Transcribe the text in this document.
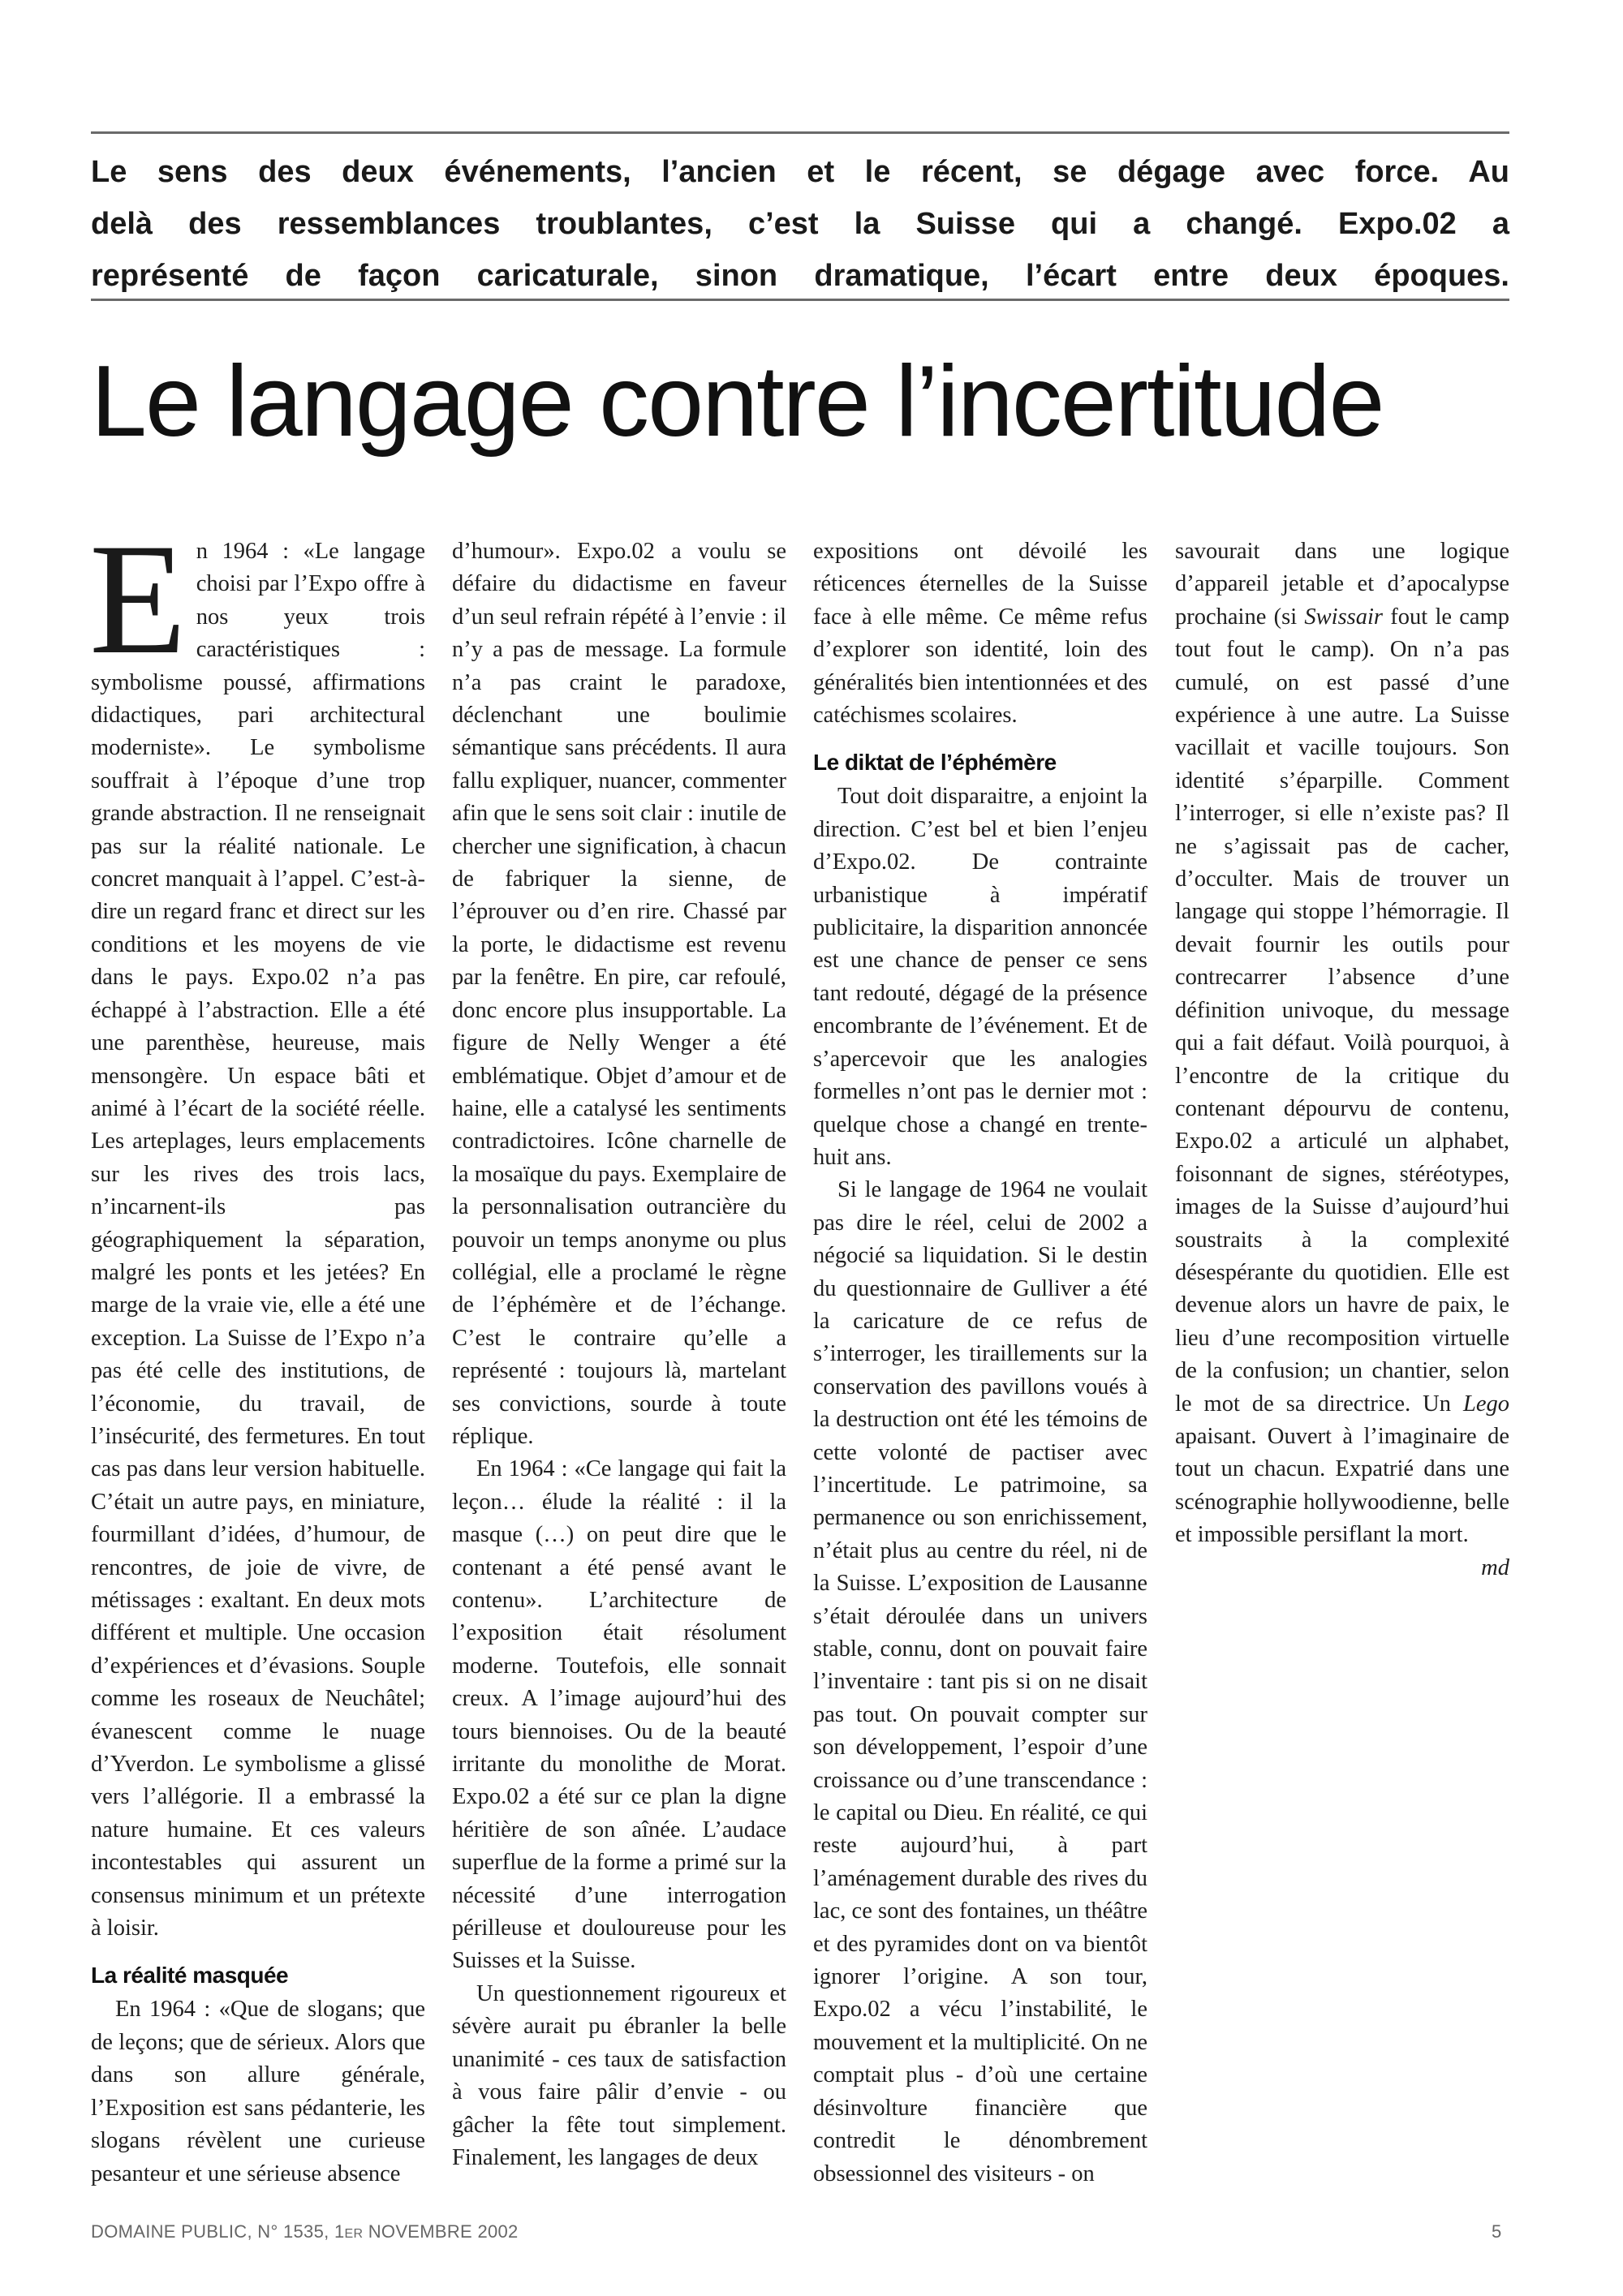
Le sens des deux événements, l’ancien et le récent, se dégage avec force. Au
delà des ressemblances troublantes, c’est la Suisse qui a changé. Expo.02 a
représenté de façon caricaturale, sinon dramatique, l’écart entre deux époques.
Le langage contre l’incertitude

En 1964 : «Le langage choisi par l’Expo offre à nos yeux trois caractéristiques : symbolisme poussé, affirmations didactiques, pari architectural moderniste». Le symbolisme souffrait à l’époque d’une trop grande abstraction. Il ne renseignait pas sur la réalité nationale. Le concret manquait à l’appel. C’est-à-dire un regard franc et direct sur les conditions et les moyens de vie dans le pays. Expo.02 n’a pas échappé à l’abstraction. Elle a été une parenthèse, heureuse, mais mensongère. Un espace bâti et animé à l’écart de la société réelle. Les arteplages, leurs emplacements sur les rives des trois lacs, n’incarnent-ils pas géographiquement la séparation, malgré les ponts et les jetées? En marge de la vraie vie, elle a été une exception. La Suisse de l’Expo n’a pas été celle des institutions, de l’économie, du travail, de l’insécurité, des fermetures. En tout cas pas dans leur version habituelle. C’était un autre pays, en miniature, fourmillant d’idées, d’humour, de rencontres, de joie de vivre, de métissages : exaltant. En deux mots différent et multiple. Une occasion d’expériences et d’évasions. Souple comme les roseaux de Neuchâtel; évanescent comme le nuage d’Yverdon. Le symbolisme a glissé vers l’allégorie. Il a embrassé la nature humaine. Et ces valeurs incontestables qui assurent un consensus minimum et un prétexte à loisir.

La réalité masquée

En 1964 : «Que de slogans; que de leçons; que de sérieux. Alors que dans son allure générale, l’Exposition est sans pédanterie, les slogans révèlent une curieuse pesanteur et une sérieuse absence

d’humour». Expo.02 a voulu se défaire du didactisme en faveur d’un seul refrain répété à l’envie : il n’y a pas de message. La formule n’a pas craint le paradoxe, déclenchant une boulimie sémantique sans précédents. Il aura fallu expliquer, nuancer, commenter afin que le sens soit clair : inutile de chercher une signification, à chacun de fabriquer la sienne, de l’éprouver ou d’en rire. Chassé par la porte, le didactisme est revenu par la fenêtre. En pire, car refoulé, donc encore plus insupportable. La figure de Nelly Wenger a été emblématique. Objet d’amour et de haine, elle a catalysé les sentiments contradictoires. Icône charnelle de la mosaïque du pays. Exemplaire de la personnalisation outrancière du pouvoir un temps anonyme ou plus collégial, elle a proclamé le règne de l’éphémère et de l’échange. C’est le contraire qu’elle a représenté : toujours là, martelant ses convictions, sourde à toute réplique.

En 1964 : «Ce langage qui fait la leçon… élude la réalité : il la masque (…) on peut dire que le contenant a été pensé avant le contenu». L’architecture de l’exposition était résolument moderne. Toutefois, elle sonnait creux. A l’image aujourd’hui des tours biennoises. Ou de la beauté irritante du monolithe de Morat. Expo.02 a été sur ce plan la digne héritière de son aînée. L’audace superflue de la forme a primé sur la nécessité d’une interrogation périlleuse et douloureuse pour les Suisses et la Suisse.

Un questionnement rigoureux et sévère aurait pu ébranler la belle unanimité - ces taux de satisfaction à vous faire pâlir d’envie - ou gâcher la fête tout simplement. Finalement, les langages de deux

expositions ont dévoilé les réticences éternelles de la Suisse face à elle même. Ce même refus d’explorer son identité, loin des généralités bien intentionnées et des catéchismes scolaires.

Le diktat de l’éphémère

Tout doit disparaitre, a enjoint la direction. C’est bel et bien l’enjeu d’Expo.02. De contrainte urbanistique à impératif publicitaire, la disparition annoncée est une chance de penser ce sens tant redouté, dégagé de la présence encombrante de l’événement. Et de s’apercevoir que les analogies formelles n’ont pas le dernier mot : quelque chose a changé en trente-huit ans.

Si le langage de 1964 ne voulait pas dire le réel, celui de 2002 a négocié sa liquidation. Si le destin du questionnaire de Gulliver a été la caricature de ce refus de s’interroger, les tiraillements sur la conservation des pavillons voués à la destruction ont été les témoins de cette volonté de pactiser avec l’incertitude. Le patrimoine, sa permanence ou son enrichissement, n’était plus au centre du réel, ni de la Suisse. L’exposition de Lausanne s’était déroulée dans un univers stable, connu, dont on pouvait faire l’inventaire : tant pis si on ne disait pas tout. On pouvait compter sur son développement, l’espoir d’une croissance ou d’une transcendance : le capital ou Dieu. En réalité, ce qui reste aujourd’hui, à part l’aménagement durable des rives du lac, ce sont des fontaines, un théâtre et des pyramides dont on va bientôt ignorer l’origine. A son tour, Expo.02 a vécu l’instabilité, le mouvement et la multiplicité. On ne comptait plus - d’où une certaine désinvolture financière que contredit le dénombrement obsessionnel des visiteurs - on

savourait dans une logique d’appareil jetable et d’apocalypse prochaine (si Swissair fout le camp tout fout le camp). On n’a pas cumulé, on est passé d’une expérience à une autre. La Suisse vacillait et vacille toujours. Son identité s’éparpille. Comment l’interroger, si elle n’existe pas? Il ne s’agissait pas de cacher, d’occulter. Mais de trouver un langage qui stoppe l’hémorragie. Il devait fournir les outils pour contrecarrer l’absence d’une définition univoque, du message qui a fait défaut. Voilà pourquoi, à l’encontre de la critique du contenant dépourvu de contenu, Expo.02 a articulé un alphabet, foisonnant de signes, stéréotypes, images de la Suisse d’aujourd’hui soustraits à la complexité désespérante du quotidien. Elle est devenue alors un havre de paix, le lieu d’une recomposition virtuelle de la confusion; un chantier, selon le mot de sa directrice. Un Lego apaisant. Ouvert à l’imaginaire de tout un chacun. Expatrié dans une scénographie hollywoodienne, belle et impossible persiflant la mort.
md

DOMAINE PUBLIC, N° 1535, 1ER NOVEMBRE 2002	5
